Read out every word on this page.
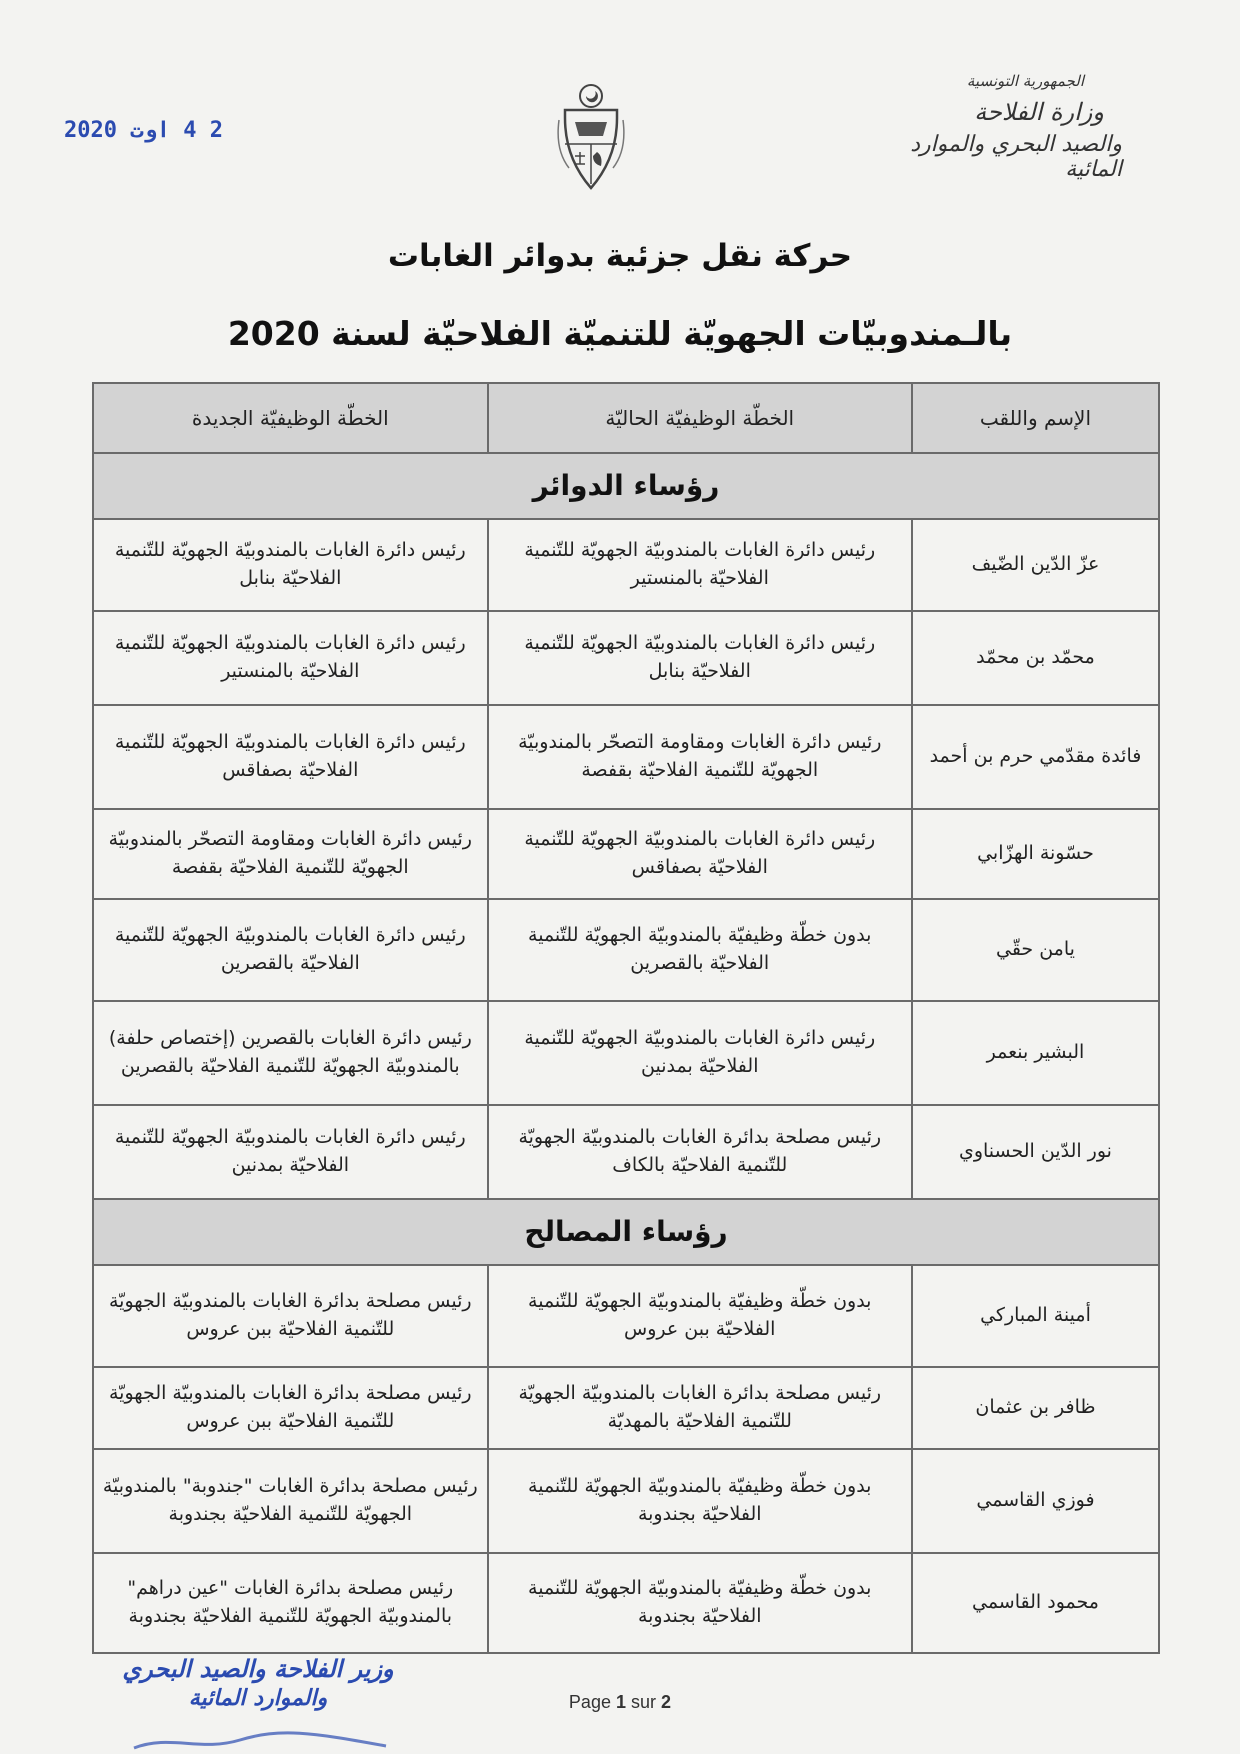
2 4 اوت 2020
الجمهورية التونسية
وزارة الفلاحة
والصيد البحري والموارد المائية
حركة نقل جزئية بدوائر الغابات
بالـمندوبيّات الجهويّة للتنميّة الفلاحيّة لسنة 2020
الإسم واللقب	الخطّة الوظيفيّة الحاليّة	الخطّة الوظيفيّة الجديدة
رؤساء الدوائر		
عزّ الدّين الضّيف	رئيس دائرة الغابات بالمندوبيّة الجهويّة للتّنمية الفلاحيّة بالمنستير	رئيس دائرة الغابات بالمندوبيّة الجهويّة للتّنمية الفلاحيّة بنابل
محمّد بن محمّد	رئيس دائرة الغابات بالمندوبيّة الجهويّة للتّنمية الفلاحيّة بنابل	رئيس دائرة الغابات بالمندوبيّة الجهويّة للتّنمية الفلاحيّة بالمنستير
فائدة مقدّمي حرم بن أحمد	رئيس دائرة الغابات ومقاومة التصحّر بالمندوبيّة الجهويّة للتّنمية الفلاحيّة بقفصة	رئيس دائرة الغابات بالمندوبيّة الجهويّة للتّنمية الفلاحيّة بصفاقس
حسّونة الهزّابي	رئيس دائرة الغابات بالمندوبيّة الجهويّة للتّنمية الفلاحيّة بصفاقس	رئيس دائرة الغابات ومقاومة التصحّر بالمندوبيّة الجهويّة للتّنمية الفلاحيّة بقفصة
يامن حقّي	بدون خطّة وظيفيّة بالمندوبيّة الجهويّة للتّنمية الفلاحيّة بالقصرين	رئيس دائرة الغابات بالمندوبيّة الجهويّة للتّنمية الفلاحيّة بالقصرين
البشير بنعمر	رئيس دائرة الغابات بالمندوبيّة الجهويّة للتّنمية الفلاحيّة بمدنين	رئيس دائرة الغابات بالقصرين (إختصاص حلفة) بالمندوبيّة الجهويّة للتّنمية الفلاحيّة بالقصرين
نور الدّين الحسناوي	رئيس مصلحة بدائرة الغابات بالمندوبيّة الجهويّة للتّنمية الفلاحيّة بالكاف	رئيس دائرة الغابات بالمندوبيّة الجهويّة للتّنمية الفلاحيّة بمدنين
رؤساء المصالح		
أمينة المباركي	بدون خطّة وظيفيّة بالمندوبيّة الجهويّة للتّنمية الفلاحيّة ببن عروس	رئيس مصلحة بدائرة الغابات بالمندوبيّة الجهويّة للتّنمية الفلاحيّة ببن عروس
ظافر بن عثمان	رئيس مصلحة بدائرة الغابات بالمندوبيّة الجهويّة للتّنمية الفلاحيّة بالمهديّة	رئيس مصلحة بدائرة الغابات بالمندوبيّة الجهويّة للتّنمية الفلاحيّة ببن عروس
فوزي القاسمي	بدون خطّة وظيفيّة بالمندوبيّة الجهويّة للتّنمية الفلاحيّة بجندوبة	رئيس مصلحة بدائرة الغابات "جندوبة" بالمندوبيّة الجهويّة للتّنمية الفلاحيّة بجندوبة
محمود القاسمي	بدون خطّة وظيفيّة بالمندوبيّة الجهويّة للتّنمية الفلاحيّة بجندوبة	رئيس مصلحة بدائرة الغابات "عين دراهم" بالمندوبيّة الجهويّة للتّنمية الفلاحيّة بجندوبة
وزير الفلاحة والصيد البحري
والموارد المائية	Page 1 sur 2
